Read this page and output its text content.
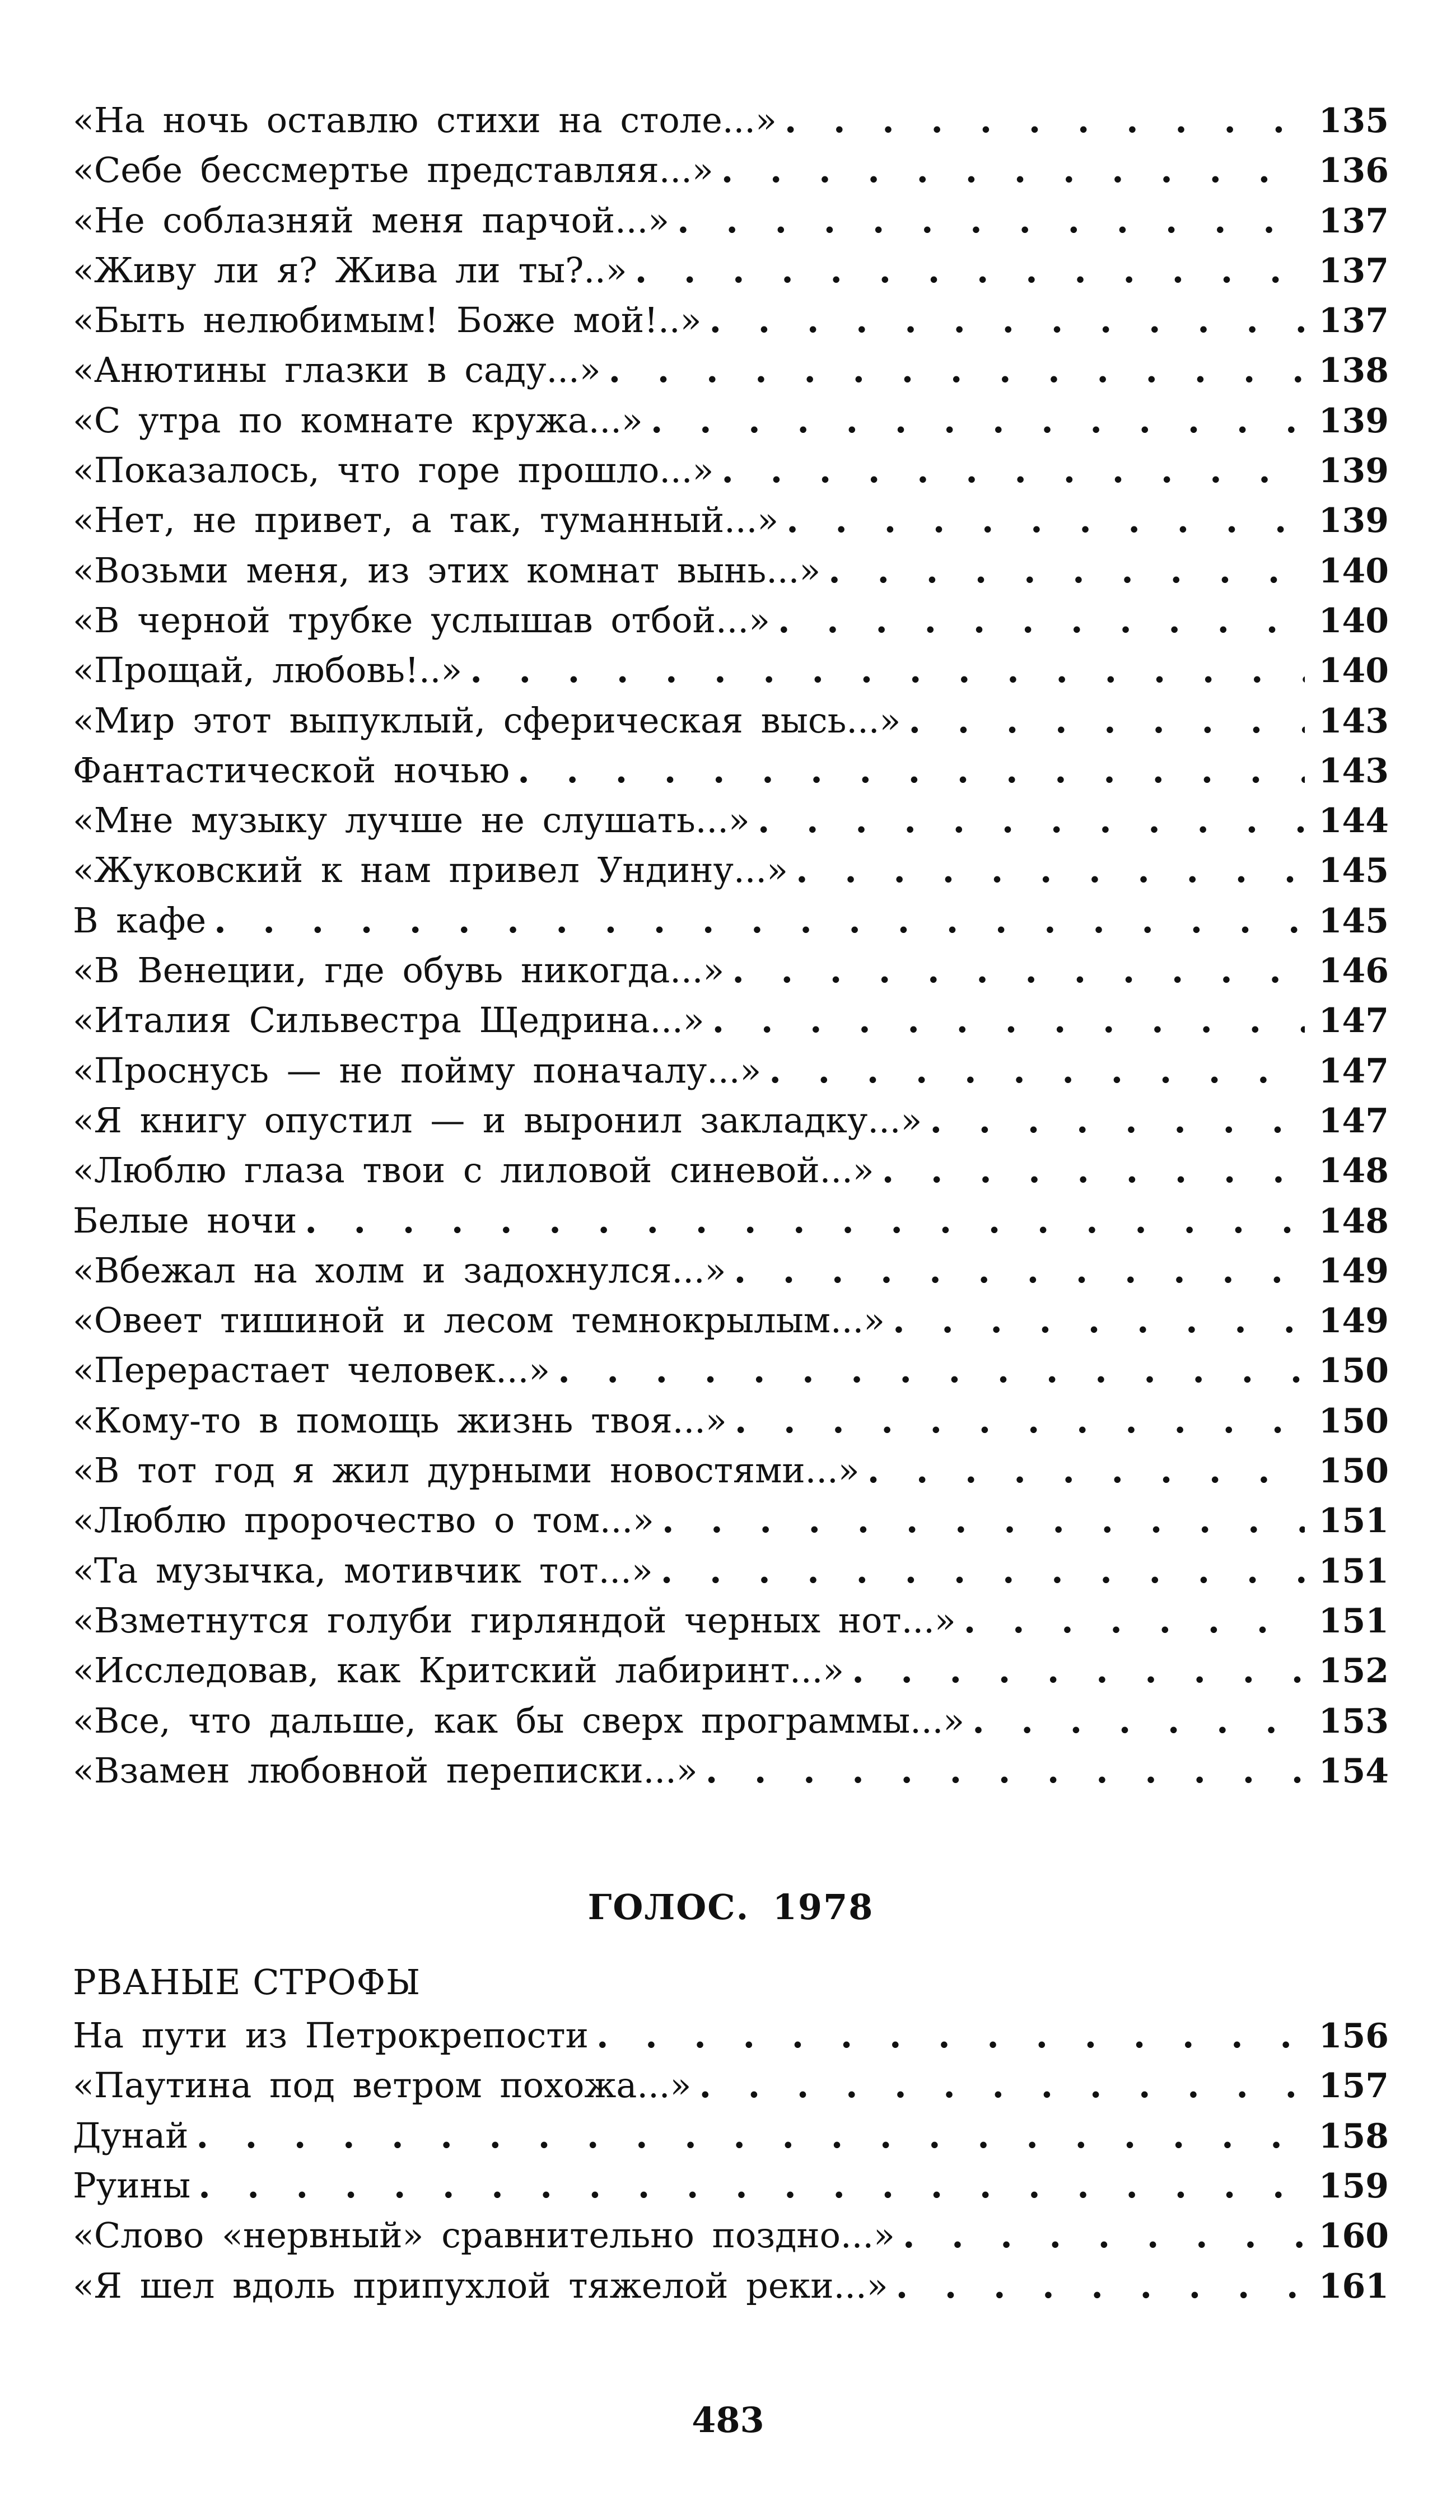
«На ночь оставлю стихи на столе...» . . .	135
«Себе бессмертье представляя...» . . .	136
«Не соблазняй меня парчой...» . . .	137
«Живу ли я? Жива ли ты?..» . . .	137
«Быть нелюбимым! Боже мой!..» . . .	137
«Анютины глазки в саду...» . . .	138
«С утра по комнате кружа...» . . .	139
«Показалось, что горе прошло...» . . .	139
«Нет, не привет, а так, туманный...» . . .	139
«Возьми меня, из этих комнат вынь...» . . .	140
«В черной трубке услышав отбой...» . . .	140
«Прощай, любовь!..» . . .	140
«Мир этот выпуклый, сферическая высь...» . . .	143
Фантастической ночью . . .	143
«Мне музыку лучше не слушать...» . . .	144
«Жуковский к нам привел Ундину...» . . .	145
В кафе . . .	145
«В Венеции, где обувь никогда...» . . .	146
«Италия Сильвестра Щедрина...» . . .	147
«Проснусь — не пойму поначалу...» . . .	147
«Я книгу опустил — и выронил закладку...» . . .	147
«Люблю глаза твои с лиловой синевой...» . . .	148
Белые ночи . . .	148
«Вбежал на холм и задохнулся...» . . .	149
«Овеет тишиной и лесом темнокрылым...» . . .	149
«Перерастает человек...» . . .	150
«Кому-то в помощь жизнь твоя...» . . .	150
«В тот год я жил дурными новостями...» . . .	150
«Люблю пророчество о том...» . . .	151
«Та музычка, мотивчик тот...» . . .	151
«Взметнутся голуби гирляндой черных нот...» . . .	151
«Исследовав, как Критский лабиринт...» . . .	152
«Все, что дальше, как бы сверх программы...» . . .	153
«Взамен любовной переписки...» . . .	154
ГОЛОС. 1978
РВАНЫЕ СТРОФЫ
На пути из Петрокрепости . . .	156
«Паутина под ветром похожа...» . . .	157
Дунай . . .	158
Руины . . .	159
«Слово «нервный» сравнительно поздно...» . . .	160
«Я шел вдоль припухлой тяжелой реки...» . . .	161
483
